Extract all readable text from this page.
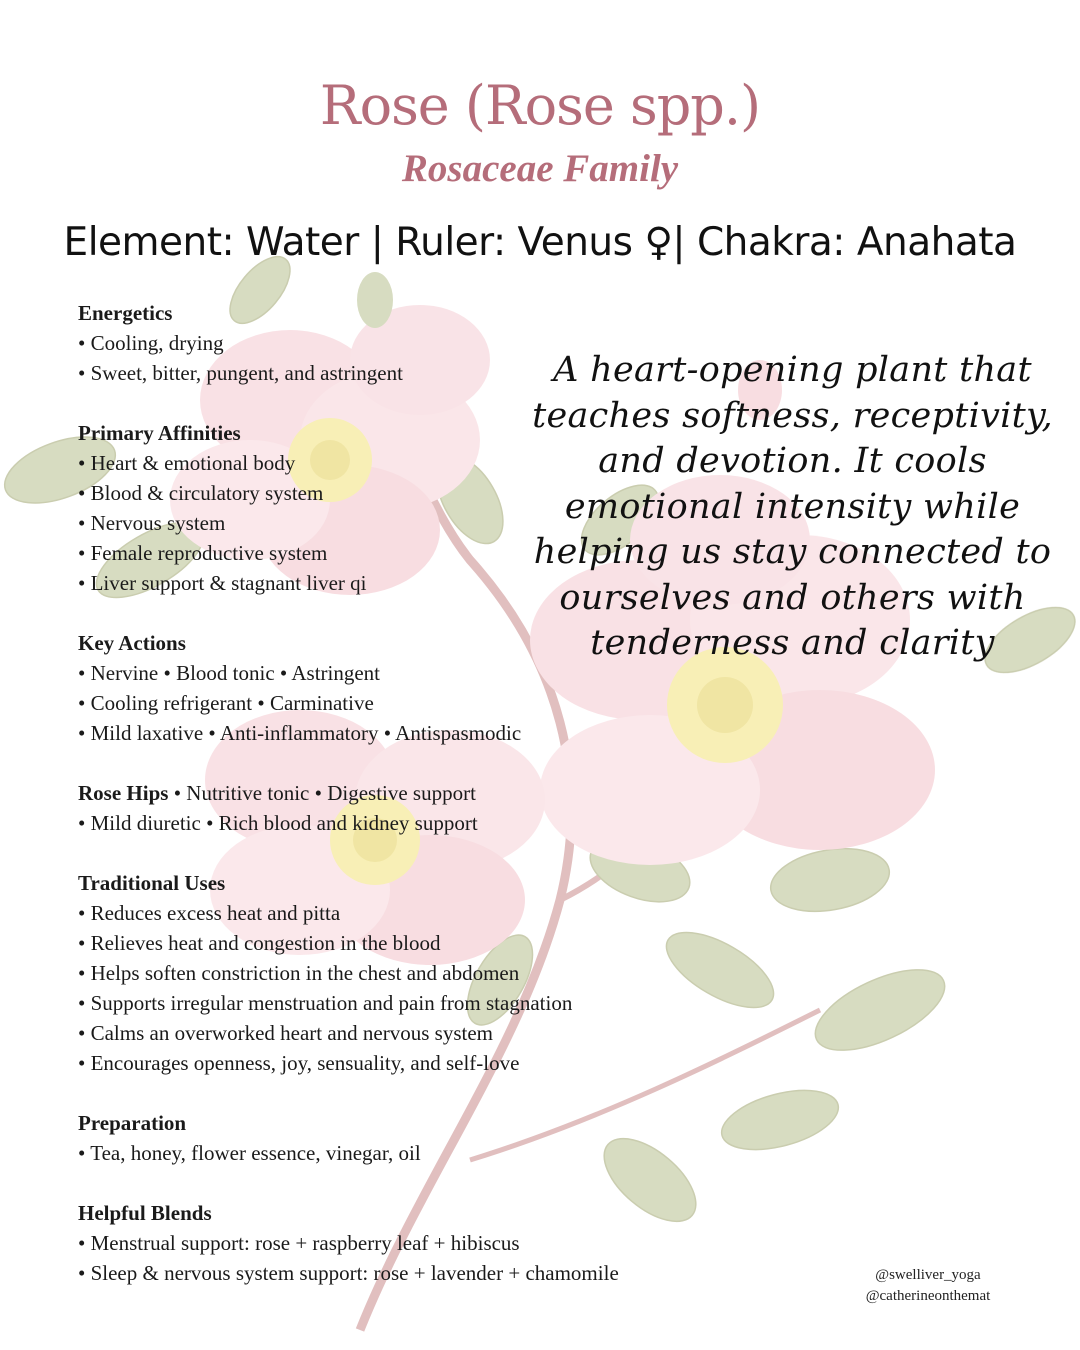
Rose (Rose spp.)
Rosaceae Family
Element: Water | Ruler: Venus ♀| Chakra: Anahata
A heart-opening plant that
teaches softness, receptivity,
and devotion. It cools
emotional intensity while
helping us stay connected to
ourselves and others with
tenderness and clarity
Energetics
• Cooling, drying
• Sweet, bitter, pungent, and astringent
Primary Affinities
• Heart & emotional body
• Blood & circulatory system
• Nervous system
• Female reproductive system
• Liver support & stagnant liver qi
Key Actions
• Nervine • Blood tonic • Astringent
• Cooling refrigerant • Carminative
• Mild laxative • Anti-inflammatory • Antispasmodic
Rose Hips • Nutritive tonic • Digestive support
• Mild diuretic • Rich blood and kidney support
Traditional Uses
• Reduces excess heat and pitta
• Relieves heat and congestion in the blood
• Helps soften constriction in the chest and abdomen
• Supports irregular menstruation and pain from stagnation
• Calms an overworked heart and nervous system
• Encourages openness, joy, sensuality, and self-love
Preparation
• Tea, honey, flower essence, vinegar, oil
Helpful Blends
• Menstrual support: rose + raspberry leaf + hibiscus
• Sleep & nervous system support: rose + lavender + chamomile	@swelliver_yoga
@catherineonthemat
